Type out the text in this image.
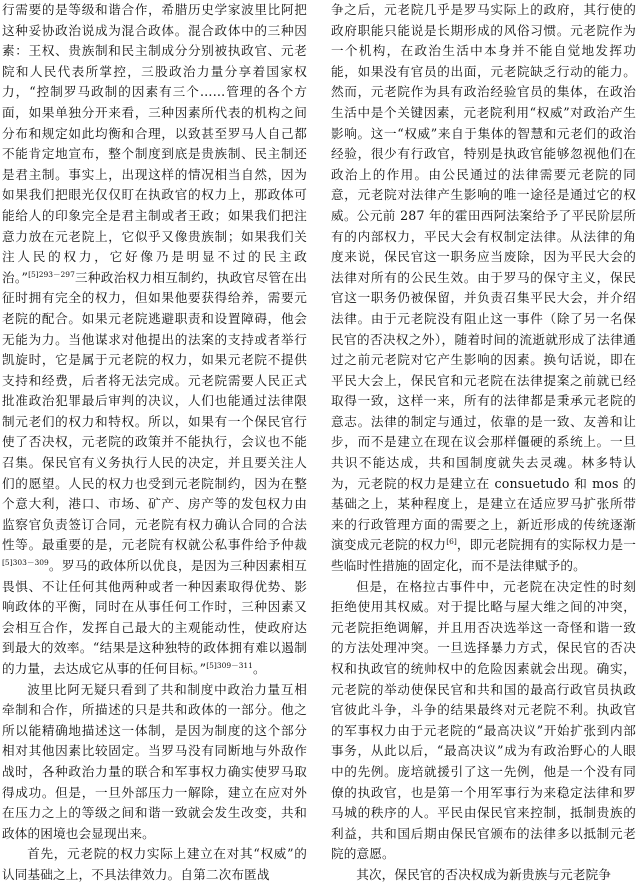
行需要的是等级和谐合作，希腊历史学家波里比阿把这种妥协政治说成为混合政体。混合政体中的三种因素：王权、贵族制和民主制成分分别被执政官、元老院和人民代表所掌控，三股政治力量分享着国家权力，“控制罗马政制的因素有三个……管理的各个方面，如果单独分开来看，三种因素所代表的机构之间分布和规定如此均衡和合理，以致甚至罗马人自己都不能肯定地宣布，整个制度到底是贵族制、民主制还是君主制。事实上，出现这样的情况相当自然，因为如果我们把眼光仅仅盯在执政官的权力上，那政体可能给人的印象完全是君主制或者王政；如果我们把注意力放在元老院上，它似乎又像贵族制；如果我们关注人民的权力，它好像乃是明显不过的民主政治。”$^{[5]293-297}$三种政治权力相互制约，执政官尽管在出征时拥有完全的权力，但如果他要获得给养，需要元老院的配合。如果元老院逃避职责和设置障碍，他会无能为力。当他谋求对他提出的法案的支持或者举行凯旋时，它是属于元老院的权力，如果元老院不提供支持和经费，后者将无法完成。元老院需要人民正式批准政治犯罪最后审判的决议，人们也能通过法律限制元老们的权力和特权。所以，如果有一个保民官行使了否决权，元老院的政策并不能执行，会议也不能召集。保民官有义务执行人民的决定，并且要关注人们的愿望。人民的权力也受到元老院制约，因为在整个意大利，港口、市场、矿产、房产等的发包权力由监察官负责签订合同，元老院有权力确认合同的合法性等。最重要的是，元老院有权就公私事件给予仲裁$^{[5]303-309}$。罗马的政体所以优良，是因为三种因素相互畏惧、不让任何其他两种或者一种因素取得优势、影响政体的平衡，同时在从事任何工作时，三种因素又会相互合作，发挥自己最大的主观能动性，使政府达到最大的效率。“结果是这种独特的政体拥有难以遏制的力量，去达成它从事的任何目标。”$^{[5]309-311}$。

波里比阿无疑只看到了共和制度中政治力量互相牵制和合作，所描述的只是共和政体的一部分。他之所以能精确地描述这一体制，是因为制度的这个部分相对其他因素比较固定。当罗马没有同断地与外敌作战时，各种政治力量的联合和军事权力确实使罗马取得成功。但是，一旦外部压力一解除，建立在应对外在压力之上的等级之间和谐一致就会发生改变，共和政体的困境也会显现出来。

首先，元老院的权力实际上建立在对其“权威”的认同基础之上，不具法律效力。自第二次布匿战

争之后，元老院几乎是罗马实际上的政府，其行使的政府职能只能说是长期形成的风俗习惯。元老院作为一个机构，在政治生活中本身并不能自觉地发挥功能，如果没有官员的出面，元老院缺乏行动的能力。然而，元老院作为具有政治经验官员的集体，在政治生活中是个关键因素，元老院利用“权威”对政治产生影响。这一“权威”来自于集体的智慧和元老们的政治经验，很少有行政官，特别是执政官能够忽视他们在政治上的作用。由公民通过的法律需要元老院的同意，元老院对法律产生影响的唯一途径是通过它的权威。公元前 287 年的霍田西阿法案给予了平民阶层所有的内部权力，平民大会有权制定法律。从法律的角度来说，保民官这一职务应当废除，因为平民大会的法律对所有的公民生效。由于罗马的保守主义，保民官这一职务仍被保留，并负责召集平民大会，并介绍法律。由于元老院没有阻止这一事件（除了另一名保民官的否决权之外），随着时间的流逝就形成了法律通过之前元老院对它产生影响的因素。换句话说，即在平民大会上，保民官和元老院在法律提案之前就已经取得一致，这样一来，所有的法律都是秉承元老院的意志。法律的制定与通过，依靠的是一致、友善和让步，而不是建立在现在议会那样僵硬的系统上。一旦共识不能达成，共和国制度就失去灵魂。林多特认为，元老院的权力是建立在 consuetudo 和 mos 的基础之上，某种程度上，是建立在适应罗马扩张所带来的行政管理方面的需要之上，新近形成的传统逐渐演变成元老院的权力[6]，即元老院拥有的实际权力是一些临时性措施的固定化，而不是法律赋予的。

但是，在格拉古事件中，元老院在决定性的时刻拒绝使用其权威。对于提比略与屋大维之间的冲突，元老院拒绝调解，并且用否决选举这一奇怪和谐一致的方法处理冲突。一旦选择暴力方式，保民官的否决权和执政官的统帅权中的危险因素就会出现。确实，元老院的举动使保民官和共和国的最高行政官员执政官彼此斗争，斗争的结果最终对元老院不利。执政官的军事权力由于元老院的“最高决议”开始扩张到内部事务，从此以后，“最高决议”成为有政治野心的人眼中的先例。庞培就援引了这一先例，他是一个没有同僚的执政官，也是第一个用军事行为来稳定法律和罗马城的秩序的人。平民由保民官来控制，抵制贵族的利益，共和国后期由保民官颁布的法律多以抵制元老院的意愿。

其次，保民官的否决权成为新贵族与元老院争
